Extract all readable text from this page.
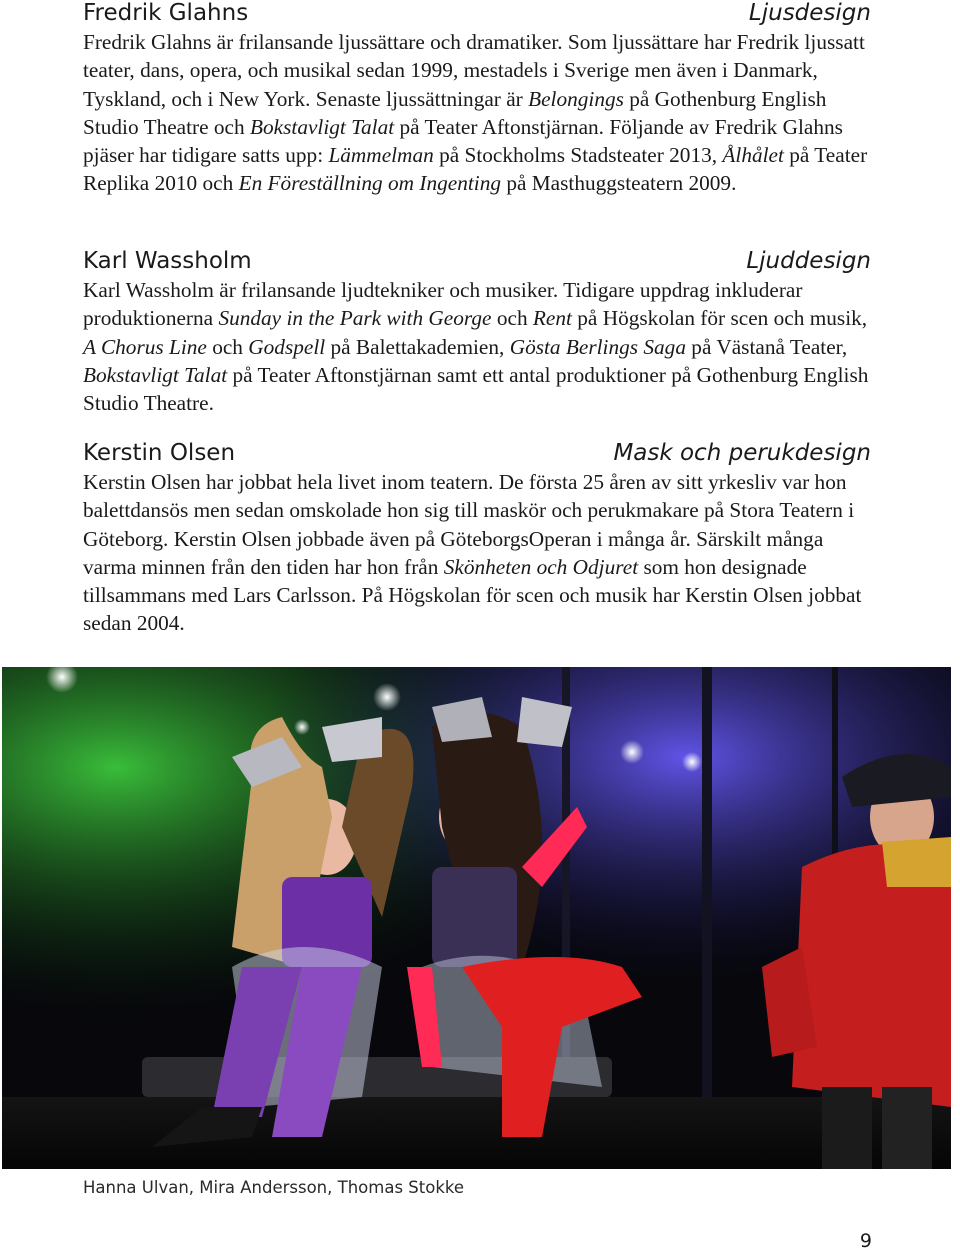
Fredrik Glahns	Ljusdesign
Fredrik Glahns är frilansande ljussättare och dramatiker. Som ljussättare har Fredrik ljussatt teater, dans, opera, och musikal sedan 1999, mestadels i Sverige men även i Danmark, Tyskland, och i New York. Senaste ljussättningar är Belongings på Gothenburg English Studio Theatre och Bokstavligt Talat på Teater Aftonstjärnan. Följande av Fredrik Glahns pjäser har tidigare satts upp: Lämmelman på Stockholms Stadsteater 2013, Ålhålet på Teater Replika 2010 och En Föreställning om Ingenting på Masthuggsteatern 2009.
Karl Wassholm	Ljuddesign
Karl Wassholm är frilansande ljudtekniker och musiker. Tidigare uppdrag inkluderar produktionerna Sunday in the Park with George och Rent på Högskolan för scen och musik, A Chorus Line och Godspell på Balettakademien, Gösta Berlings Saga på Västanå Teater, Bokstavligt Talat på Teater Aftonstjärnan samt ett antal produktioner på Gothenburg English Studio Theatre.
Kerstin Olsen	Mask och perukdesign
Kerstin Olsen har jobbat hela livet inom teatern. De första 25 åren av sitt yrkesliv var hon balettdansös men sedan omskolade hon sig till maskör och perukmakare på Stora Teatern i Göteborg. Kerstin Olsen jobbade även på GöteborgsOperan i många år. Särskilt många varma minnen från den tiden har hon från Skönheten och Odjuret som hon designade tillsammans med Lars Carlsson. På Högskolan för scen och musik har Kerstin Olsen jobbat sedan 2004.
Hanna Ulvan, Mira Andersson, Thomas Stokke
9
